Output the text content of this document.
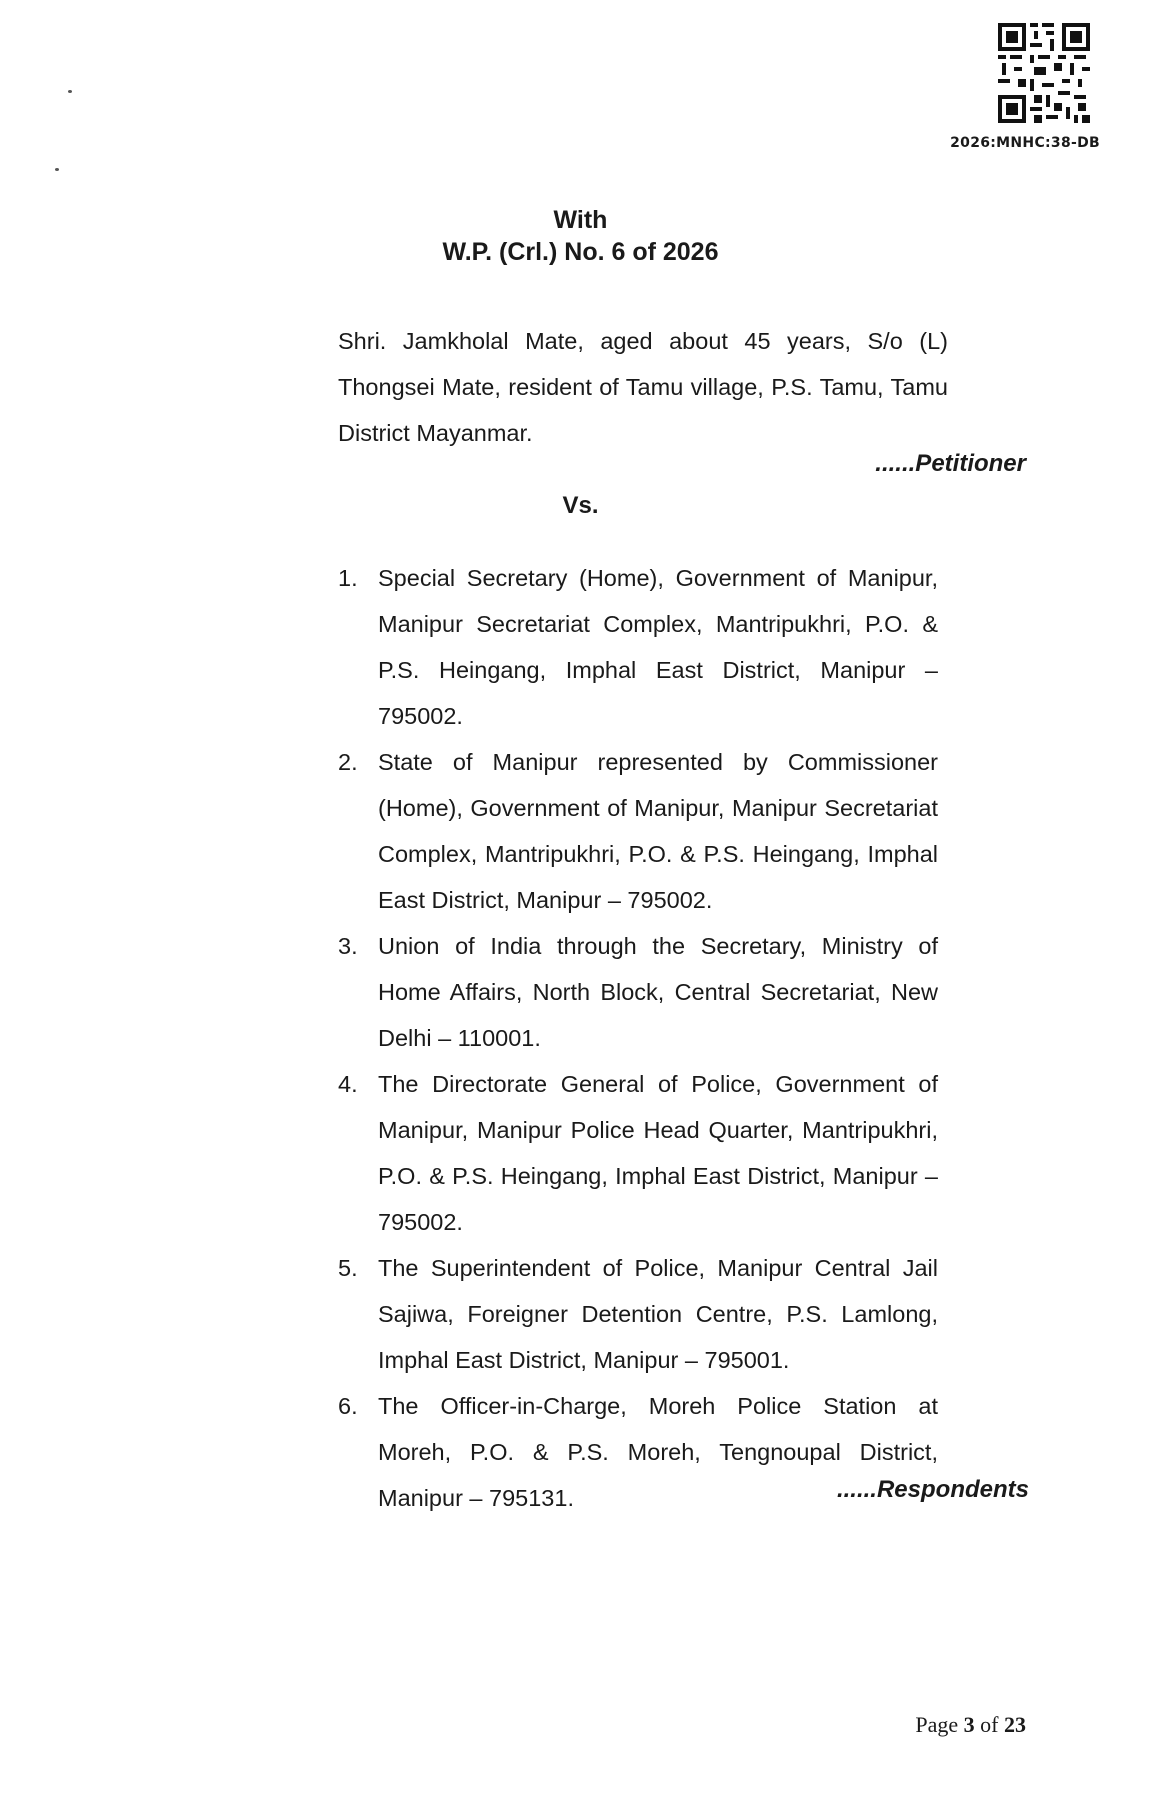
2026:MNHC:38-DB
With
W.P. (Crl.) No. 6 of 2026
Shri. Jamkholal Mate, aged about 45 years, S/o (L) Thongsei Mate, resident of Tamu village, P.S. Tamu, Tamu District Mayanmar.
......Petitioner
Vs.
1. Special Secretary (Home), Government of Manipur, Manipur Secretariat Complex, Mantripukhri, P.O. & P.S. Heingang, Imphal East District, Manipur – 795002.
2. State of Manipur represented by Commissioner (Home), Government of Manipur, Manipur Secretariat Complex, Mantripukhri, P.O. & P.S. Heingang, Imphal East District, Manipur – 795002.
3. Union of India through the Secretary, Ministry of Home Affairs, North Block, Central Secretariat, New Delhi – 110001.
4. The Directorate General of Police, Government of Manipur, Manipur Police Head Quarter, Mantripukhri, P.O. & P.S. Heingang, Imphal East District, Manipur – 795002.
5. The Superintendent of Police, Manipur Central Jail Sajiwa, Foreigner Detention Centre, P.S. Lamlong, Imphal East District, Manipur – 795001.
6. The Officer-in-Charge, Moreh Police Station at Moreh, P.O. & P.S. Moreh, Tengnoupal District, Manipur – 795131.	......Respondents
Page 3 of 23
